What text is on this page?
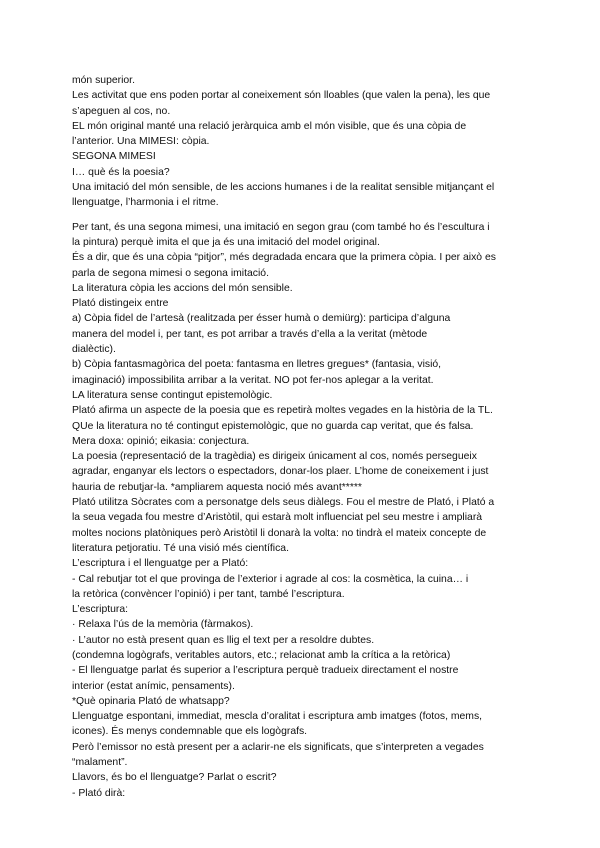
món superior.
Les activitat que ens poden portar al coneixement són lloables (que valen la pena), les que
s’apeguen al cos, no.
EL món original manté una relació jeràrquica amb el món visible, que és una còpia de
l’anterior. Una MIMESI: còpia.
SEGONA MIMESI
I… què és la poesia?
Una imitació del món sensible, de les accions humanes i de la realitat sensible mitjançant el
llenguatge, l’harmonia i el ritme.
Per tant, és una segona mimesi, una imitació en segon grau (com també ho és l’escultura i
la pintura) perquè imita el que ja és una imitació del model original.
És a dir, que és una còpia “pitjor”, més degradada encara que la primera còpia. I per això es
parla de segona mimesi o segona imitació.
La literatura còpia les accions del món sensible.
Plató distingeix entre
a) Còpia fidel de l’artesà (realitzada per ésser humà o demiürg): participa d’alguna
manera del model i, per tant, es pot arribar a través d’ella a la veritat (mètode
dialèctic).
b) Còpia fantasmagòrica del poeta: fantasma en lletres gregues* (fantasia, visió,
imaginació) impossibilita arribar a la veritat. NO pot fer-nos aplegar a la veritat.
LA literatura sense contingut epistemològic.
Plató afirma un aspecte de la poesia que es repetirà moltes vegades en la història de la TL.
QUe la literatura no té contingut epistemològic, que no guarda cap veritat, que és falsa.
Mera doxa: opinió; eikasia: conjectura.
La poesia (representació de la tragèdia) es dirigeix únicament al cos, només persegueix
agradar, enganyar els lectors o espectadors, donar-los plaer. L’home de coneixement i just
hauria de rebutjar-la. *ampliarem aquesta noció més avant*****
Plató utilitza Sòcrates com a personatge dels seus diàlegs. Fou el mestre de Plató, i Plató a
la seua vegada fou mestre d’Aristòtil, qui estarà molt influenciat pel seu mestre i ampliarà
moltes nocions platòniques però Aristòtil li donarà la volta: no tindrà el mateix concepte de
literatura petjoratiu. Té una visió més científica.
L’escriptura i el llenguatge per a Plató:
- Cal rebutjar tot el que provinga de l’exterior i agrade al cos: la cosmètica, la cuina… i
la retòrica (convèncer l’opinió) i per tant, també l’escriptura.
L’escriptura:
· Relaxa l’ús de la memòria (fàrmakos).
· L’autor no està present quan es llig el text per a resoldre dubtes.
(condemna logògrafs, veritables autors, etc.; relacionat amb la crítica a la retòrica)
- El llenguatge parlat és superior a l’escriptura perquè tradueix directament el nostre
interior (estat anímic, pensaments).
*Què opinaria Plató de whatsapp?
Llenguatge espontani, immediat, mescla d’oralitat i escriptura amb imatges (fotos, mems,
icones). És menys condemnable que els logògrafs.
Però l’emissor no està present per a aclarir-ne els significats, que s’interpreten a vegades
“malament”.
Llavors, és bo el llenguatge? Parlat o escrit?
- Plató dirà:
